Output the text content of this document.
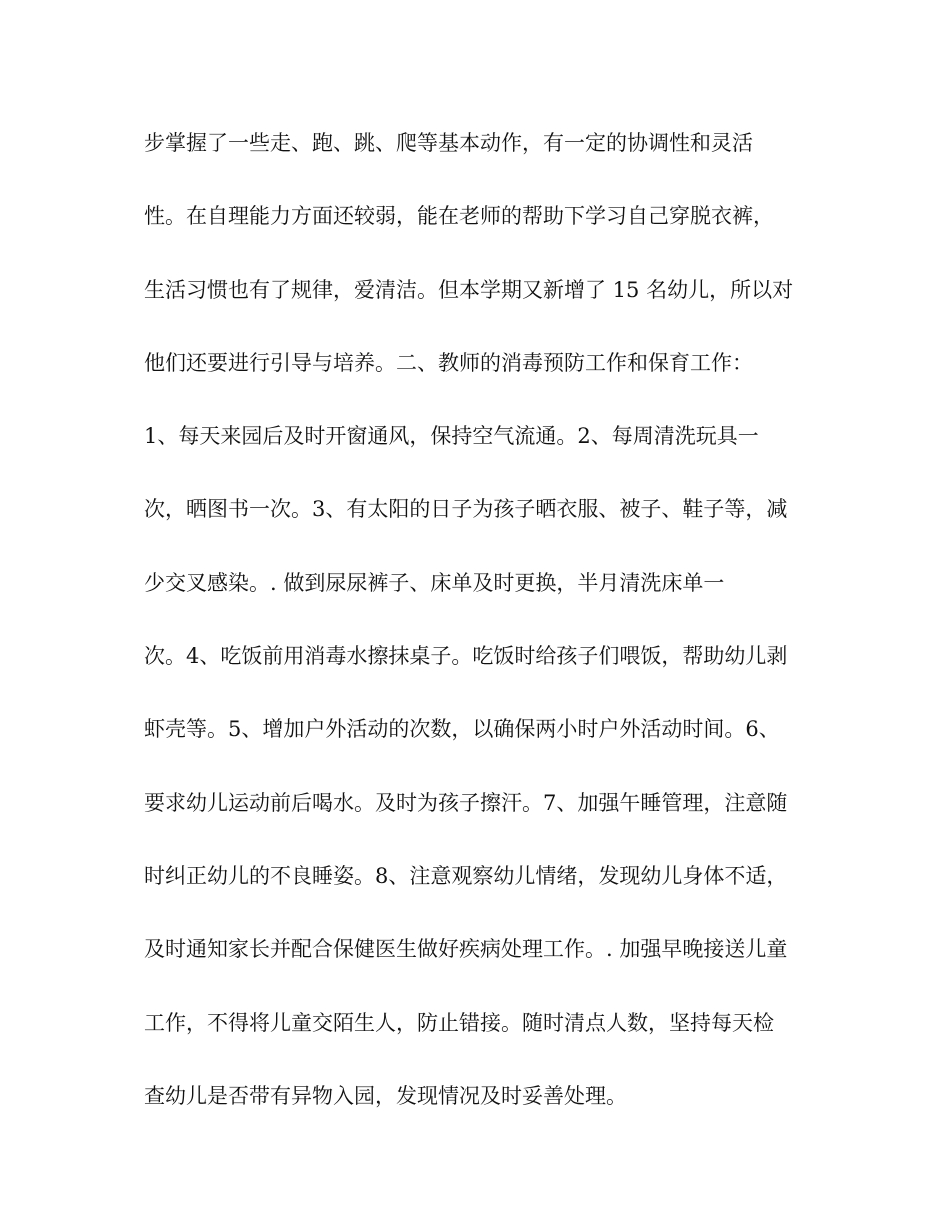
步掌握了一些走、跑、跳、爬等基本动作，有一定的协调性和灵活

性。在自理能力方面还较弱，能在老师的帮助下学习自己穿脱衣裤，

生活习惯也有了规律，爱清洁。但本学期又新增了 15 名幼儿，所以对

他们还要进行引导与培养。二、教师的消毒预防工作和保育工作：

1、每天来园后及时开窗通风，保持空气流通。2、每周清洗玩具一

次，晒图书一次。3、有太阳的日子为孩子晒衣服、被子、鞋子等，减

少交叉感染。. 做到尿尿裤子、床单及时更换，半月清洗床单一

次。4、吃饭前用消毒水擦抹桌子。吃饭时给孩子们喂饭，帮助幼儿剥

虾壳等。5、增加户外活动的次数，以确保两小时户外活动时间。6、

要求幼儿运动前后喝水。及时为孩子擦汗。7、加强午睡管理，注意随

时纠正幼儿的不良睡姿。8、注意观察幼儿情绪，发现幼儿身体不适，

及时通知家长并配合保健医生做好疾病处理工作。. 加强早晚接送儿童

工作，不得将儿童交陌生人，防止错接。随时清点人数，坚持每天检

查幼儿是否带有异物入园，发现情况及时妥善处理。
